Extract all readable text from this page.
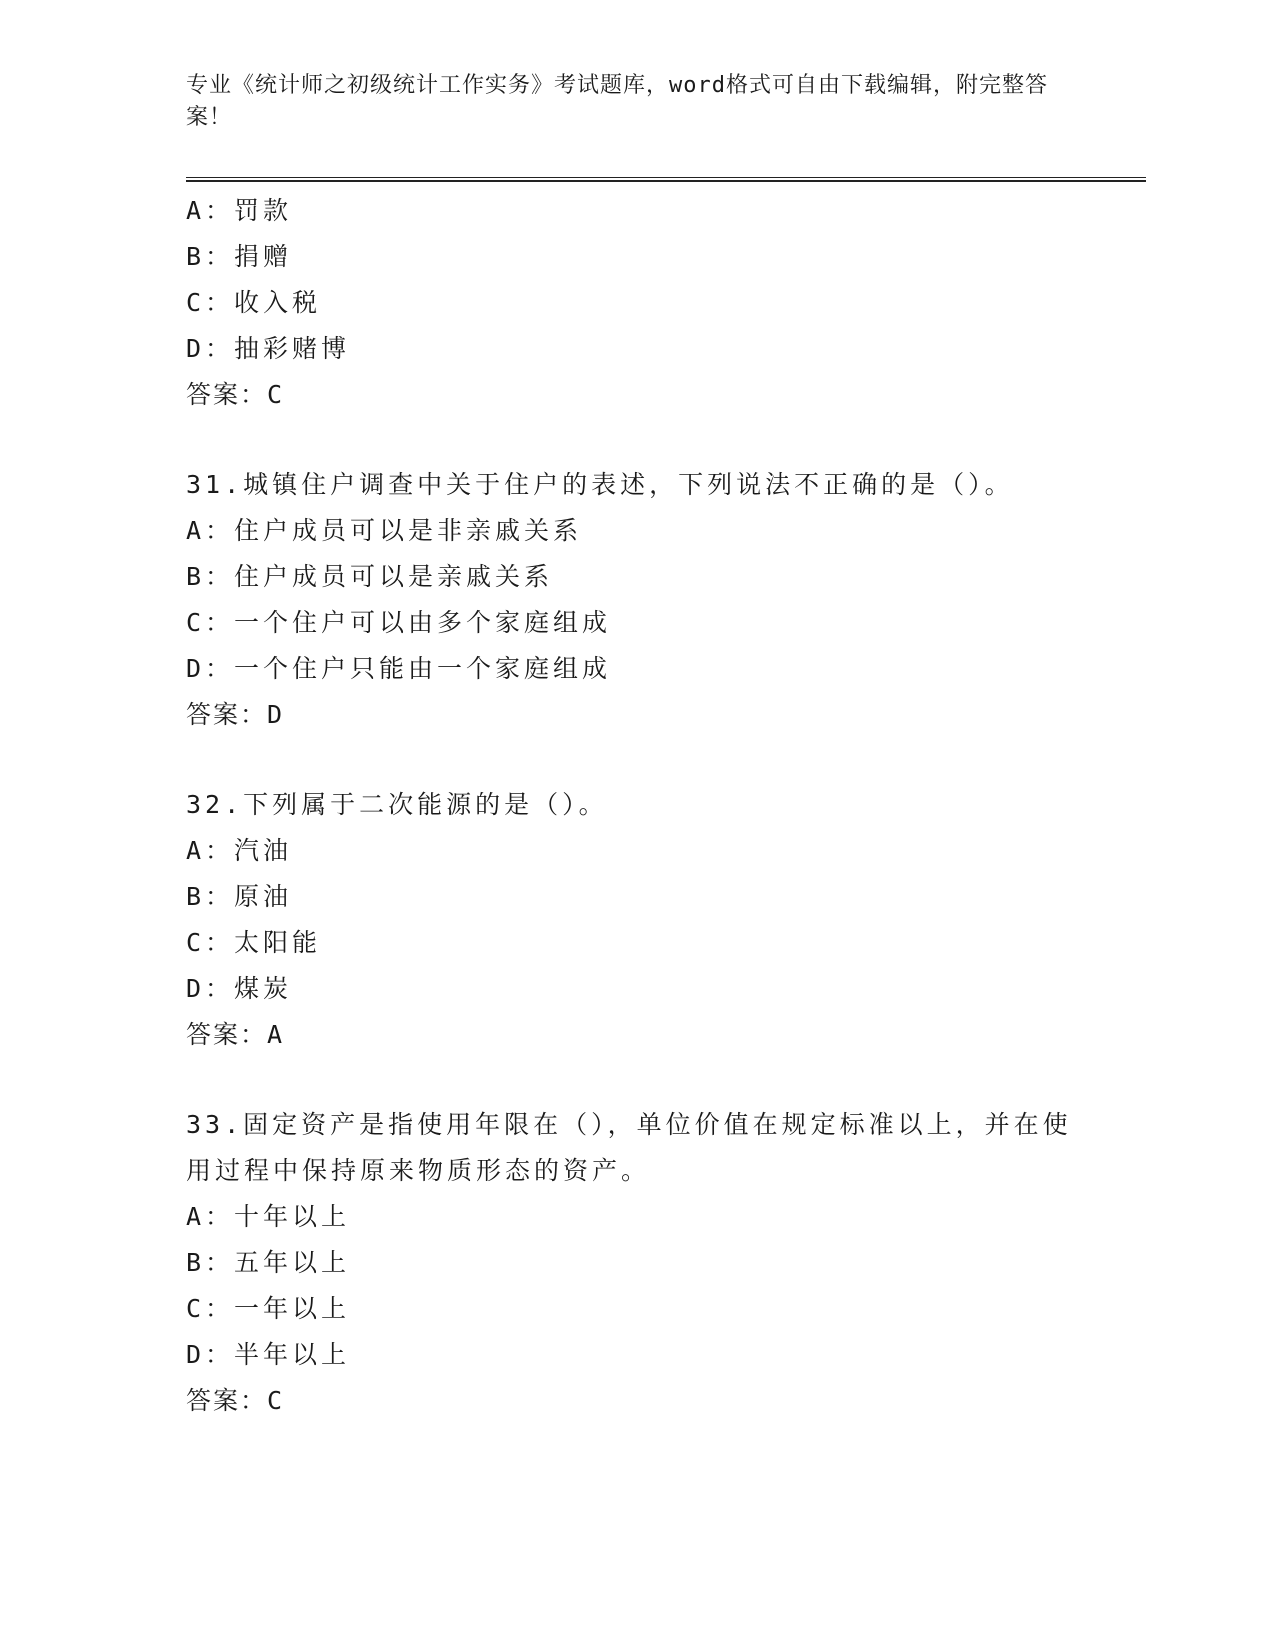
专业《统计师之初级统计工作实务》考试题库，word格式可自由下载编辑，附完整答案！
A：罚款
B：捐赠
C：收入税
D：抽彩赌博
答案：C
31.城镇住户调查中关于住户的表述，下列说法不正确的是（）。
A：住户成员可以是非亲戚关系
B：住户成员可以是亲戚关系
C：一个住户可以由多个家庭组成
D：一个住户只能由一个家庭组成
答案：D
32.下列属于二次能源的是（）。
A：汽油
B：原油
C：太阳能
D：煤炭
答案：A
33.固定资产是指使用年限在（），单位价值在规定标准以上，并在使用过程中保持原来物质形态的资产。
A：十年以上
B：五年以上
C：一年以上
D：半年以上
答案：C
